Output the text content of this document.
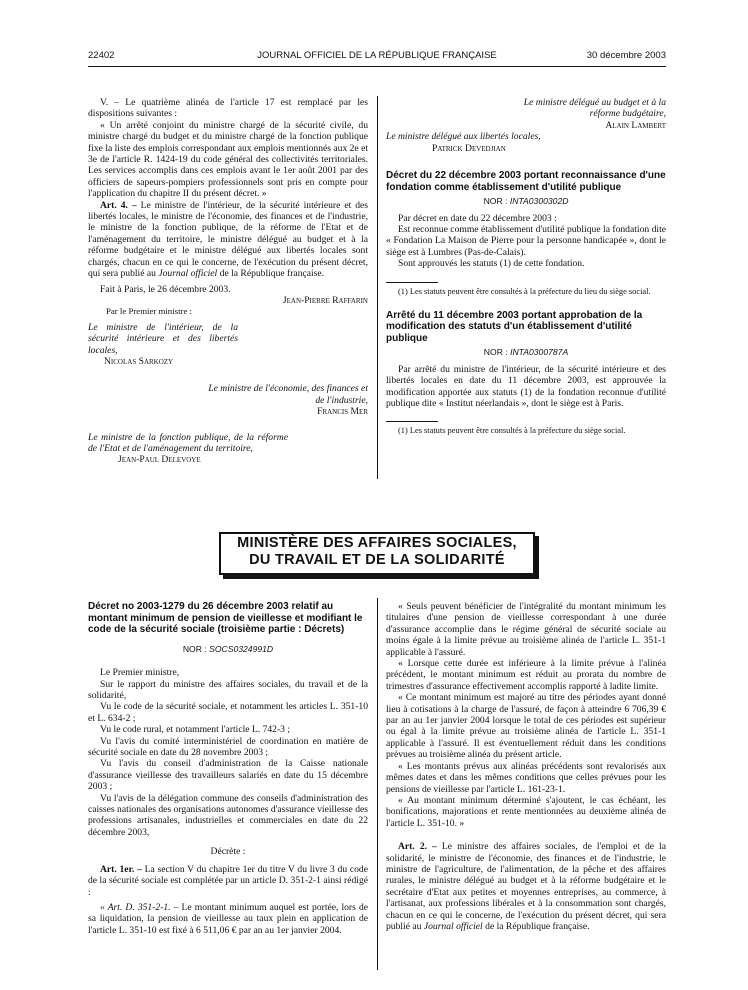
22402	JOURNAL OFFICIEL DE LA RÉPUBLIQUE FRANÇAISE	30 décembre 2003

V. – Le quatrième alinéa de l'article 17 est remplacé par les dispositions suivantes :

« Un arrêté conjoint du ministre chargé de la sécurité civile, du ministre chargé du budget et du ministre chargé de la fonction publique fixe la liste des emplois correspondant aux emplois mentionnés aux 2e et 3e de l'article R. 1424-19 du code général des collectivités territoriales. Les services accomplis dans ces emplois avant le 1er août 2001 par des officiers de sapeurs-pompiers professionnels sont pris en compte pour l'application du chapitre II du présent décret. »

Art. 4. – Le ministre de l'intérieur, de la sécurité intérieure et des libertés locales, le ministre de l'économie, des finances et de l'industrie, le ministre de la fonction publique, de la réforme de l'Etat et de l'aménagement du territoire, le ministre délégué au budget et à la réforme budgétaire et le ministre délégué aux libertés locales sont chargés, chacun en ce qui le concerne, de l'exécution du présent décret, qui sera publié au Journal officiel de la République française.

Fait à Paris, le 26 décembre 2003.

Jean-Pierre Raffarin

Par le Premier ministre :

Le ministre de l'intérieur, de la sécurité intérieure et des libertés locales,

Nicolas Sarkozy

Le ministre de l'économie, des finances et de l'industrie,

Francis Mer

Le ministre de la fonction publique, de la réforme de l'Etat et de l'aménagement du territoire,

Jean-Paul Delevoye

Le ministre délégué au budget et à la réforme budgétaire,

Alain Lambert

Le ministre délégué aux libertés locales,

Patrick Devedjian

Décret du 22 décembre 2003 portant reconnaissance d'une fondation comme établissement d'utilité publique
NOR : INTA0300302D

Par décret en date du 22 décembre 2003 :

Est reconnue comme établissement d'utilité publique la fondation dite « Fondation La Maison de Pierre pour la personne handicapée », dont le siège est à Lumbres (Pas-de-Calais).

Sont approuvés les statuts (1) de cette fondation.

(1) Les statuts peuvent être consultés à la préfecture du lieu du siège social.

Arrêté du 11 décembre 2003 portant approbation de la modification des statuts d'un établissement d'utilité publique
NOR : INTA0300787A

Par arrêté du ministre de l'intérieur, de la sécurité intérieure et des libertés locales en date du 11 décembre 2003, est approuvée la modification apportée aux statuts (1) de la fondation reconnue d'utilité publique dite « Institut néerlandais », dont le siège est à Paris.

(1) Les statuts peuvent être consultés à la préfecture du siège social.

MINISTÈRE DES AFFAIRES SOCIALES,
DU TRAVAIL ET DE LA SOLIDARITÉ
Décret no 2003-1279 du 26 décembre 2003 relatif au montant minimum de pension de vieillesse et modifiant le code de la sécurité sociale (troisième partie : Décrets)
NOR : SOCS0324991D

Le Premier ministre,

Sur le rapport du ministre des affaires sociales, du travail et de la solidarité,

Vu le code de la sécurité sociale, et notamment les articles L. 351-10 et L. 634-2 ;

Vu le code rural, et notamment l'article L. 742-3 ;

Vu l'avis du comité interministériel de coordination en matière de sécurité sociale en date du 28 novembre 2003 ;

Vu l'avis du conseil d'administration de la Caisse nationale d'assurance vieillesse des travailleurs salariés en date du 15 décembre 2003 ;

Vu l'avis de la délégation commune des conseils d'administration des caisses nationales des organisations autonomes d'assurance vieillesse des professions artisanales, industrielles et commerciales en date du 22 décembre 2003,

Décrète :

Art. 1er. – La section V du chapitre 1er du titre V du livre 3 du code de la sécurité sociale est complétée par un article D. 351-2-1 ainsi rédigé :

« Art. D. 351-2-1. – Le montant minimum auquel est portée, lors de sa liquidation, la pension de vieillesse au taux plein en application de l'article L. 351-10 est fixé à 6 511,06 € par an au 1er janvier 2004.

« Seuls peuvent bénéficier de l'intégralité du montant minimum les titulaires d'une pension de vieillesse correspondant à une durée d'assurance accomplie dans le régime général de sécurité sociale au moins égale à la limite prévue au troisième alinéa de l'article L. 351-1 applicable à l'assuré.

« Lorsque cette durée est inférieure à la limite prévue à l'alinéa précédent, le montant minimum est réduit au prorata du nombre de trimestres d'assurance effectivement accomplis rapporté à ladite limite.

« Ce montant minimum est majoré au titre des périodes ayant donné lieu à cotisations à la charge de l'assuré, de façon à atteindre 6 706,39 € par an au 1er janvier 2004 lorsque le total de ces périodes est supérieur ou égal à la limite prévue au troisième alinéa de l'article L. 351-1 applicable à l'assuré. Il est éventuellement réduit dans les conditions prévues au troisième alinéa du présent article.

« Les montants prévus aux alinéas précédents sont revalorisés aux mêmes dates et dans les mêmes conditions que celles prévues pour les pensions de vieillesse par l'article L. 161-23-1.

« Au montant minimum déterminé s'ajoutent, le cas échéant, les bonifications, majorations et rente mentionnées au deuxième alinéa de l'article L. 351-10. »

Art. 2. – Le ministre des affaires sociales, de l'emploi et de la solidarité, le ministre de l'économie, des finances et de l'industrie, le ministre de l'agriculture, de l'alimentation, de la pêche et des affaires rurales, le ministre délégué au budget et à la réforme budgétaire et le secrétaire d'Etat aux petites et moyennes entreprises, au commerce, à l'artisanat, aux professions libérales et à la consommation sont chargés, chacun en ce qui le concerne, de l'exécution du présent décret, qui sera publié au Journal officiel de la République française.
